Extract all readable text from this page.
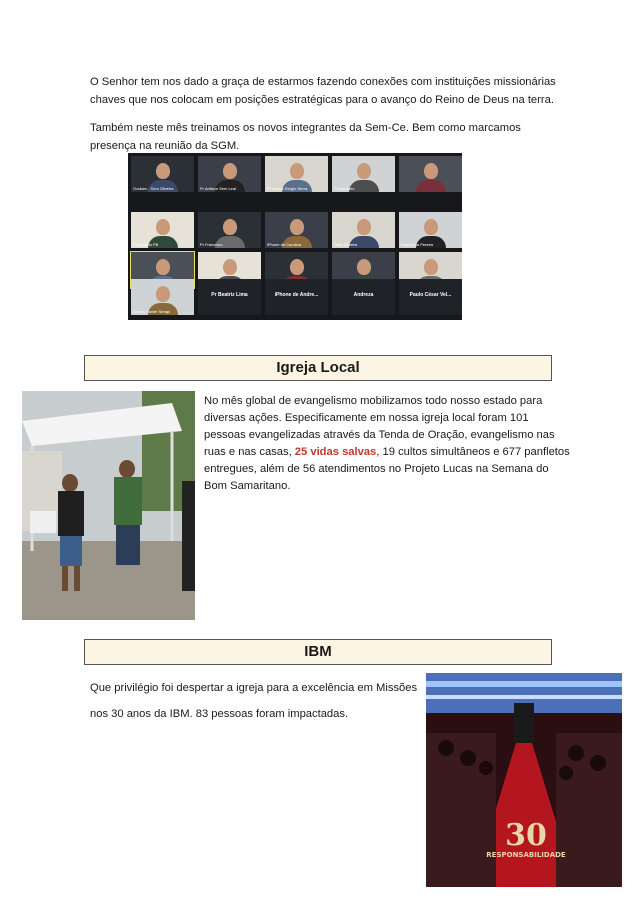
O Senhor tem nos dado a graça de estarmos fazendo conexões com instituições missionárias

chaves que nos colocam em posições estratégicas para o avanço do Reino de Deus na terra.

Também neste mês treinamos os novos integrantes da Sem-Ce. Bem como marcamos

presença na reunião da SGM.

Godiam - Sem Oliveira	Pr Adilson Sem Leal	Pr Carlos Sergio Serra	Pr Manuelo
Pr Ricardo PB	Pr Francisco	iPhone de Carolina	Dark Oliveira	Raquelina Pereira
Gerlan Xavier Serapi
Pr Beatriz Lima	iPhone de Andre...	Andreza	Paulo César Vel...
Igreja Local

No mês global de evangelismo mobilizamos todo nosso estado para

diversas ações. Especificamente em nossa igreja local foram 101

pessoas evangelizadas através da Tenda de Oração, evangelismo nas

ruas e nas casas, 25 vidas salvas, 19 cultos simultâneos e 677 panfletos

entregues, além de 56 atendimentos no Projeto Lucas na Semana do

Bom Samaritano.

IBM

Que privilégio foi despertar a igreja para a excelência em Missões

nos 30 anos da IBM. 83 pessoas foram impactadas.

30
RESPONSABILIDADE
